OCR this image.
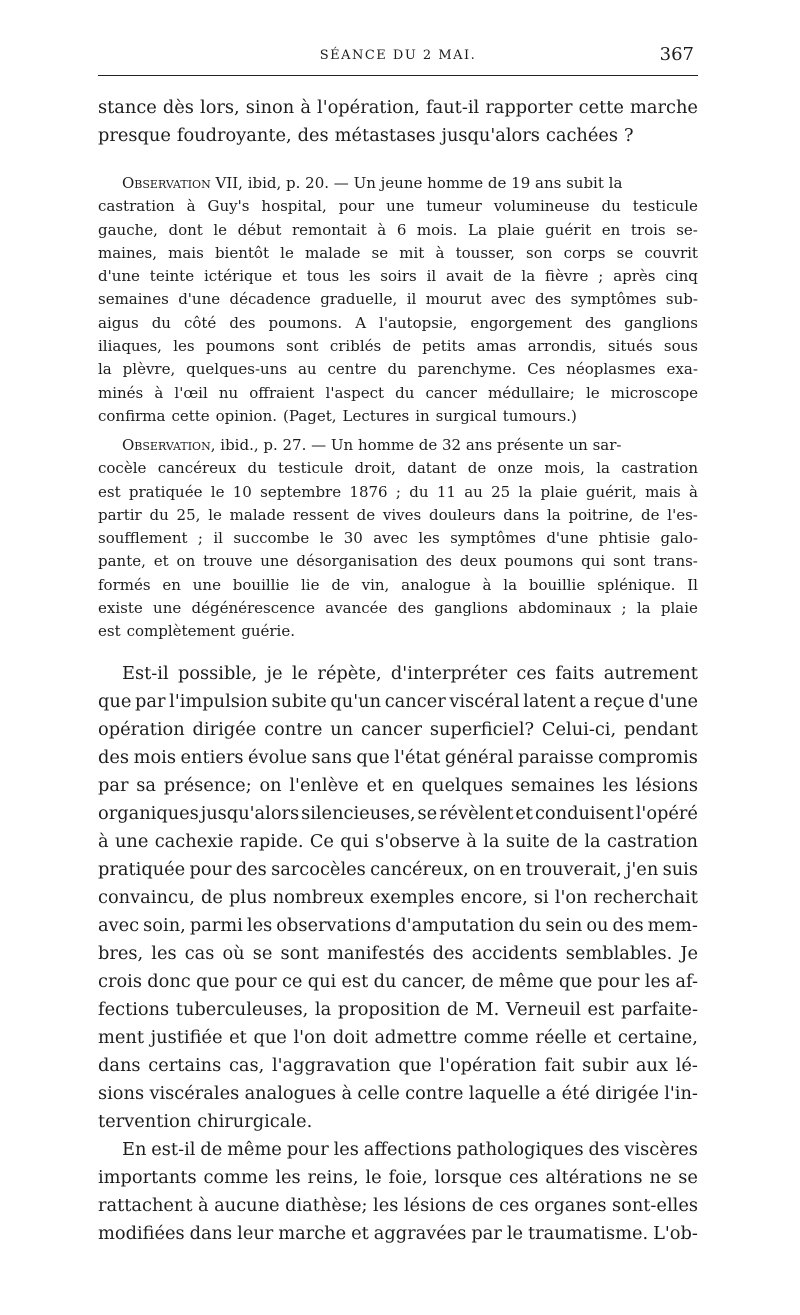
SÉANCE DU 2 MAI.	367
stance dès lors, sinon à l'opération, faut-il rapporter cette marche
presque foudroyante, des métastases jusqu'alors cachées ?
Observation VII, ibid, p. 20. — Un jeune homme de 19 ans subit la
castration à Guy's hospital, pour une tumeur volumineuse du testicule
gauche, dont le début remontait à 6 mois. La plaie guérit en trois se-
maines, mais bientôt le malade se mit à tousser, son corps se couvrit
d'une teinte ictérique et tous les soirs il avait de la fièvre ; après cinq
semaines d'une décadence graduelle, il mourut avec des symptômes sub-
aigus du côté des poumons. A l'autopsie, engorgement des ganglions
iliaques, les poumons sont criblés de petits amas arrondis, situés sous
la plèvre, quelques-uns au centre du parenchyme. Ces néoplasmes exa-
minés à l'œil nu offraient l'aspect du cancer médullaire; le microscope
confirma cette opinion. (Paget, Lectures in surgical tumours.)
Observation, ibid., p. 27. — Un homme de 32 ans présente un sar-
cocèle cancéreux du testicule droit, datant de onze mois, la castration
est pratiquée le 10 septembre 1876 ; du 11 au 25 la plaie guérit, mais à
partir du 25, le malade ressent de vives douleurs dans la poitrine, de l'es-
soufflement ; il succombe le 30 avec les symptômes d'une phtisie galo-
pante, et on trouve une désorganisation des deux poumons qui sont trans-
formés en une bouillie lie de vin, analogue à la bouillie splénique. Il
existe une dégénérescence avancée des ganglions abdominaux ; la plaie
est complètement guérie.
Est-il possible, je le répète, d'interpréter ces faits autrement
que par l'impulsion subite qu'un cancer viscéral latent a reçue d'une
opération dirigée contre un cancer superficiel? Celui-ci, pendant
des mois entiers évolue sans que l'état général paraisse compromis
par sa présence; on l'enlève et en quelques semaines les lésions
organiques jusqu'alors silencieuses, se révèlent et conduisent l'opéré
à une cachexie rapide. Ce qui s'observe à la suite de la castration
pratiquée pour des sarcocèles cancéreux, on en trouverait, j'en suis
convaincu, de plus nombreux exemples encore, si l'on recherchait
avec soin, parmi les observations d'amputation du sein ou des mem-
bres, les cas où se sont manifestés des accidents semblables. Je
crois donc que pour ce qui est du cancer, de même que pour les af-
fections tuberculeuses, la proposition de M. Verneuil est parfaite-
ment justifiée et que l'on doit admettre comme réelle et certaine,
dans certains cas, l'aggravation que l'opération fait subir aux lé-
sions viscérales analogues à celle contre laquelle a été dirigée l'in-
tervention chirurgicale.
En est-il de même pour les affections pathologiques des viscères
importants comme les reins, le foie, lorsque ces altérations ne se
rattachent à aucune diathèse; les lésions de ces organes sont-elles
modifiées dans leur marche et aggravées par le traumatisme. L'ob-
